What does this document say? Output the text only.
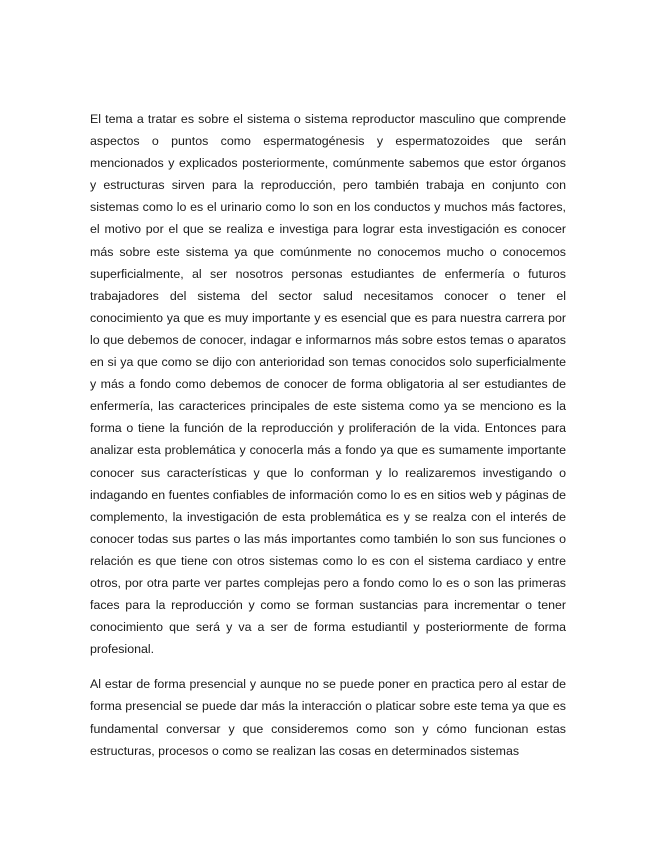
El tema a tratar es sobre el sistema o sistema reproductor masculino que comprende aspectos o puntos como espermatogénesis y espermatozoides que serán mencionados y explicados posteriormente, comúnmente sabemos que estor órganos y estructuras sirven para la reproducción, pero también trabaja en conjunto con sistemas como lo es el urinario como lo son en los conductos y muchos más factores, el motivo por el que se realiza e investiga para lograr esta investigación es conocer más sobre este sistema ya que comúnmente no conocemos mucho o conocemos superficialmente, al ser nosotros personas estudiantes de enfermería o futuros trabajadores del sistema del sector salud necesitamos conocer o tener el conocimiento ya que es muy importante y es esencial que es para nuestra carrera por lo que debemos de conocer, indagar e informarnos más sobre estos temas o aparatos en si ya que como se dijo con anterioridad son temas conocidos solo superficialmente y más a fondo como debemos de conocer de forma obligatoria al ser estudiantes de enfermería, las caracterices principales de este sistema como ya se menciono es la forma o tiene la función de la reproducción y proliferación de la vida. Entonces para analizar esta problemática y conocerla más a fondo ya que es sumamente importante conocer sus características y que lo conforman y lo realizaremos investigando o indagando en fuentes confiables de información como lo es en sitios web y páginas de complemento, la investigación de esta problemática es y se realza con el interés de conocer todas sus partes o las más importantes como también lo son sus funciones o relación es que tiene con otros sistemas como lo es con el sistema cardiaco y entre otros, por otra parte ver partes complejas pero a fondo como lo es o son las primeras faces para la reproducción y como se forman sustancias para incrementar o tener conocimiento que será y va a ser de forma estudiantil y posteriormente de forma profesional.

Al estar de forma presencial y aunque no se puede poner en practica pero al estar de forma presencial se puede dar más la interacción o platicar sobre este tema ya que es fundamental conversar y que consideremos como son y cómo funcionan estas estructuras, procesos o como se realizan las cosas en determinados sistemas
